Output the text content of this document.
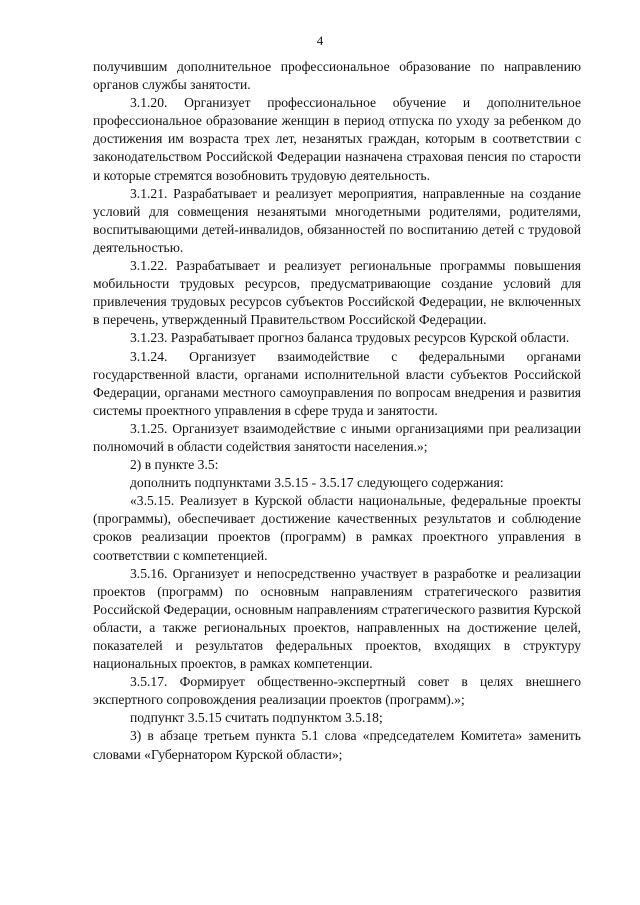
4

получившим дополнительное профессиональное образование по направлению органов службы занятости.

3.1.20. Организует профессиональное обучение и дополнительное профессиональное образование женщин в период отпуска по уходу за ребенком до достижения им возраста трех лет, незанятых граждан, которым в соответствии с законодательством Российской Федерации назначена страховая пенсия по старости и которые стремятся возобновить трудовую деятельность.

3.1.21. Разрабатывает и реализует мероприятия, направленные на создание условий для совмещения незанятыми многодетными родителями, родителями, воспитывающими детей-инвалидов, обязанностей по воспитанию детей с трудовой деятельностью.

3.1.22. Разрабатывает и реализует региональные программы повышения мобильности трудовых ресурсов, предусматривающие создание условий для привлечения трудовых ресурсов субъектов Российской Федерации, не включенных в перечень, утвержденный Правительством Российской Федерации.

3.1.23. Разрабатывает прогноз баланса трудовых ресурсов Курской области.

3.1.24. Организует взаимодействие с федеральными органами государственной власти, органами исполнительной власти субъектов Российской Федерации, органами местного самоуправления по вопросам внедрения и развития системы проектного управления в сфере труда и занятости.

3.1.25. Организует взаимодействие с иными организациями при реализации полномочий в области содействия занятости населения.»;

2) в пункте 3.5:

дополнить подпунктами 3.5.15 - 3.5.17 следующего содержания:

«3.5.15. Реализует в Курской области национальные, федеральные проекты (программы), обеспечивает достижение качественных результатов и соблюдение сроков реализации проектов (программ) в рамках проектного управления в соответствии с компетенцией.

3.5.16. Организует и непосредственно участвует в разработке и реализации проектов (программ) по основным направлениям стратегического развития Российской Федерации, основным направлениям стратегического развития Курской области, а также региональных проектов, направленных на достижение целей, показателей и результатов федеральных проектов, входящих в структуру национальных проектов, в рамках компетенции.

3.5.17. Формирует общественно-экспертный совет в целях внешнего экспертного сопровождения реализации проектов (программ).»;

подпункт 3.5.15 считать подпунктом 3.5.18;

3) в абзаце третьем пункта 5.1 слова «председателем Комитета» заменить словами «Губернатором Курской области»;
